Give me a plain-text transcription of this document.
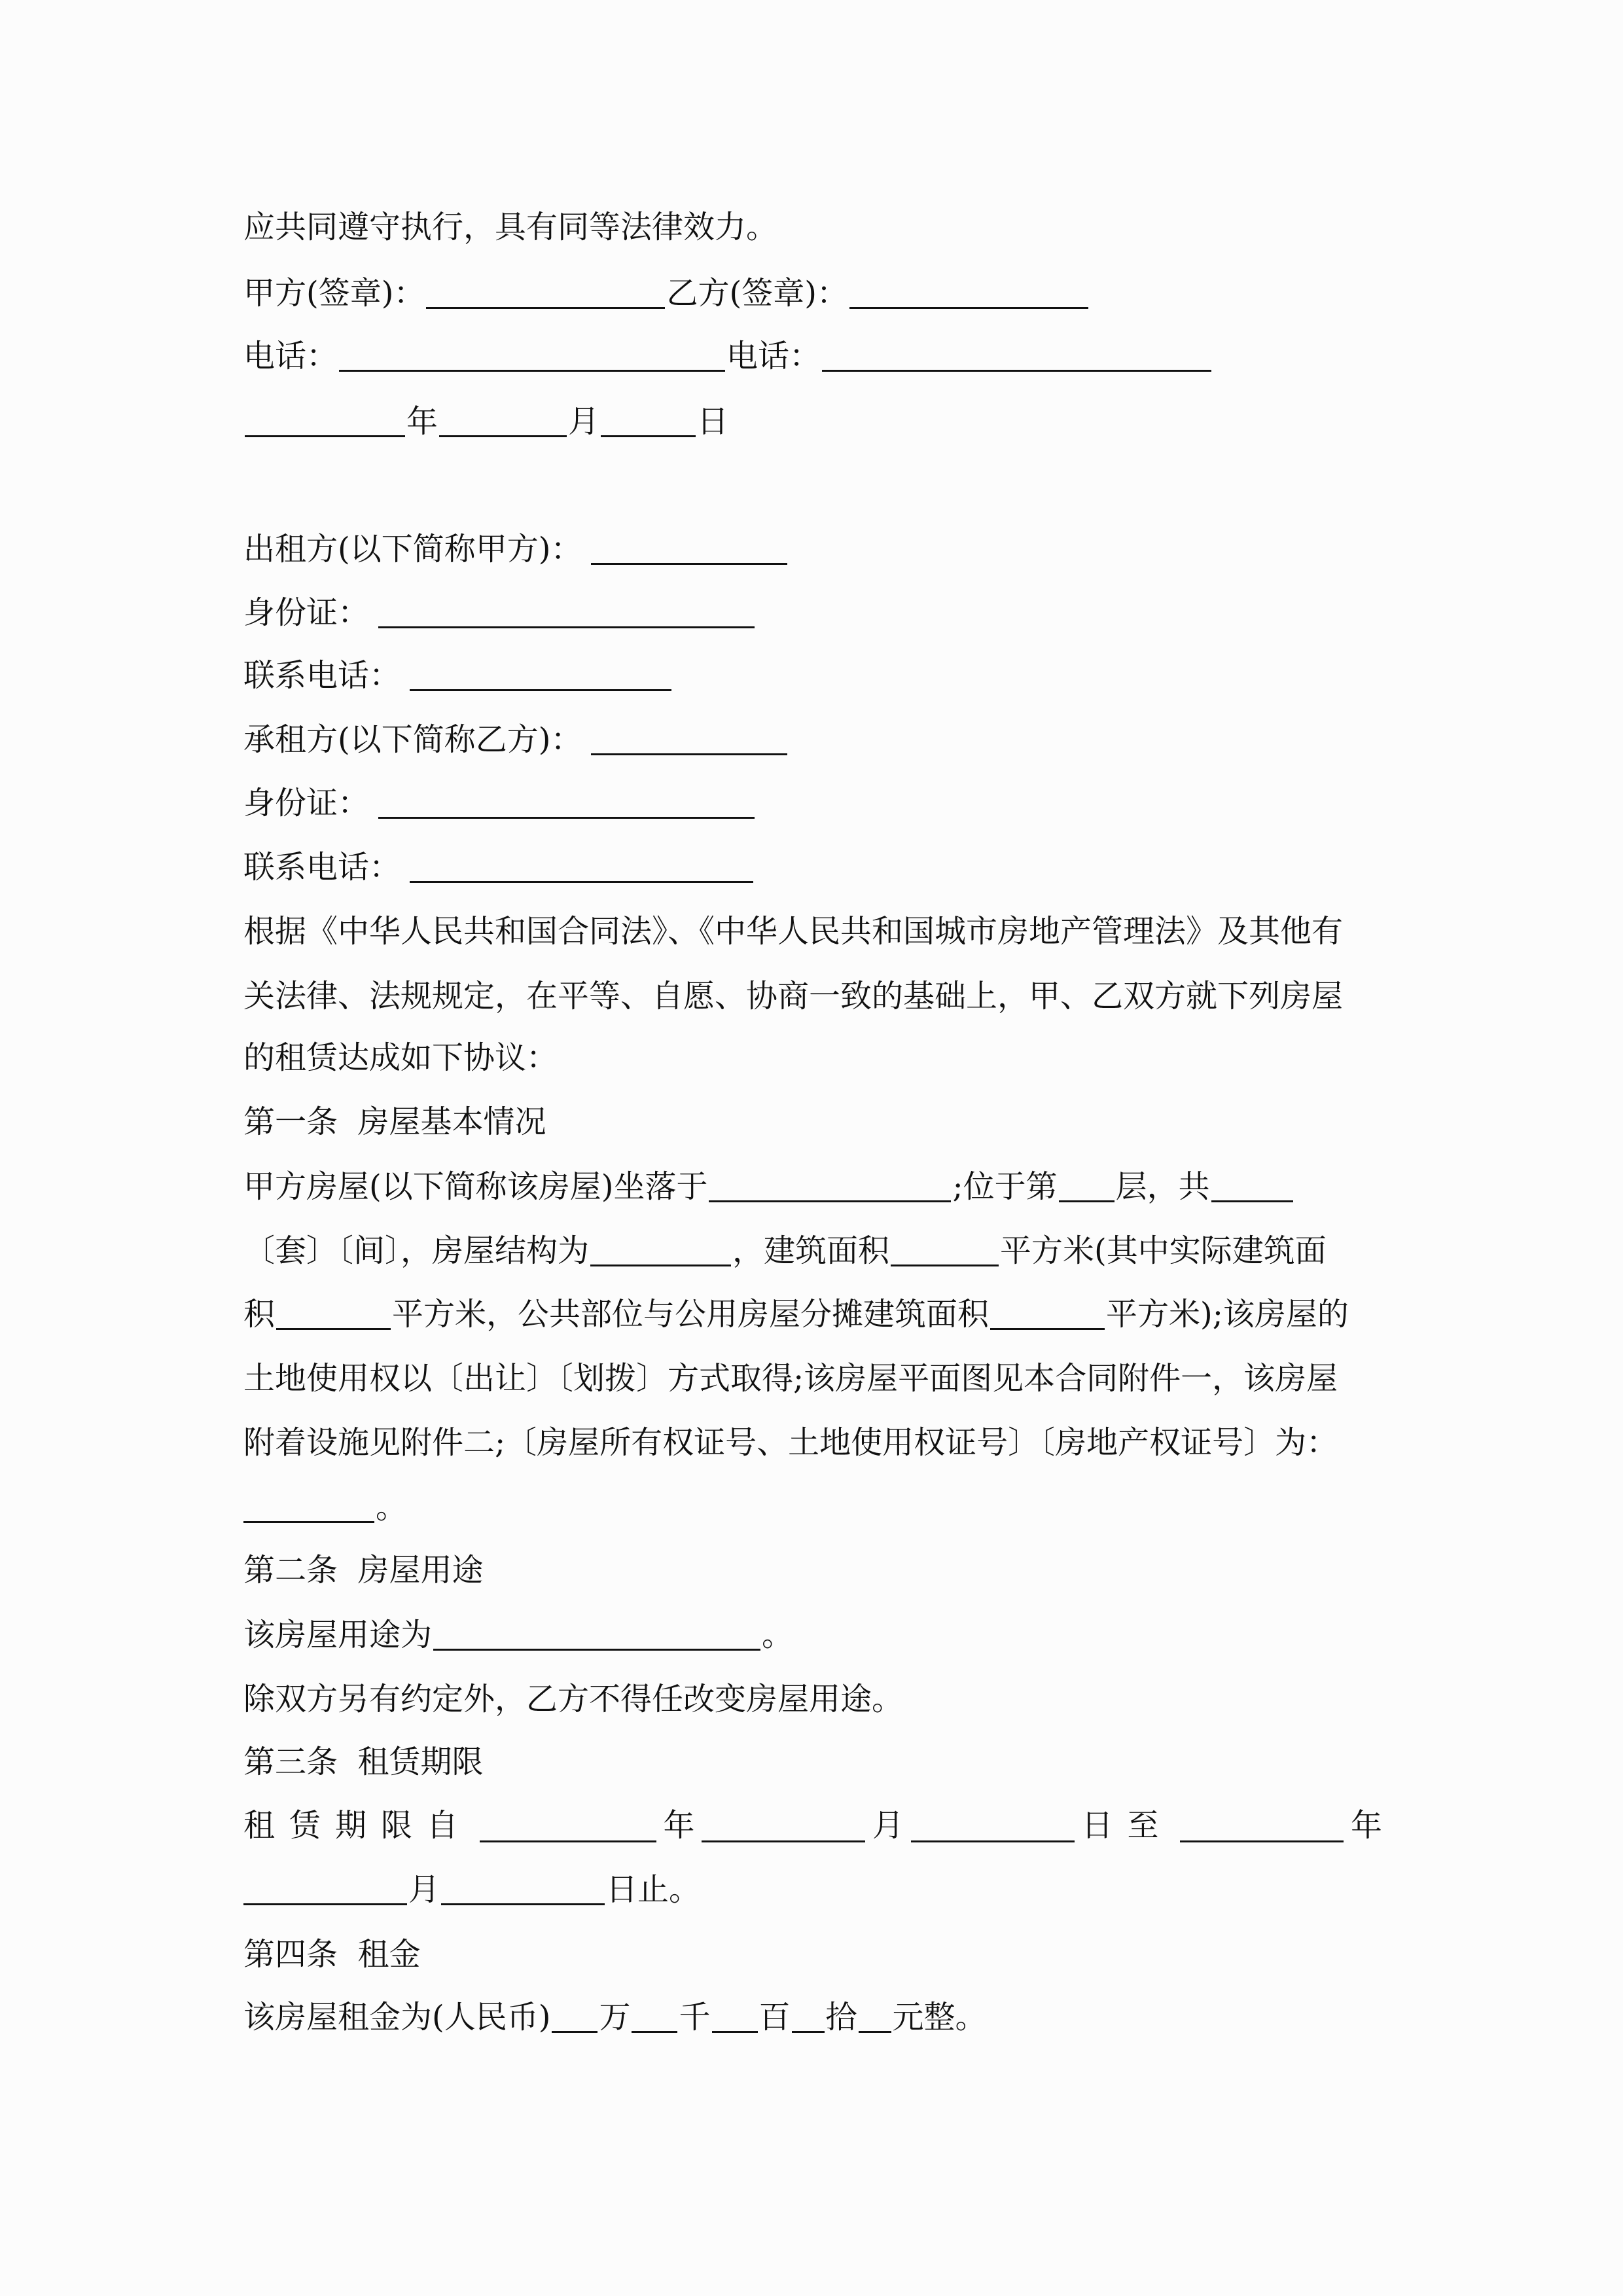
应共同遵守执行，具有同等法律效力。
甲方(签章)：	乙方(签章)：
电话：	电话：
年	月	日
出租方(以下简称甲方)：
身份证：
联系电话：
承租方(以下简称乙方)：
身份证：
联系电话：
根据《中华人民共和国合同法》、《中华人民共和国城市房地产管理法》及其他有
关法律、法规规定，在平等、自愿、协商一致的基础上，甲、乙双方就下列房屋
的租赁达成如下协议：
第一条  房屋基本情况
甲方房屋(以下简称该房屋)坐落于	;位于第 层，共
〔套〕〔间〕，房屋结构为	，建筑面积	平方米(其中实际建筑面
积	平方米，公共部位与公用房屋分摊建筑面积	平方米);该房屋的
土地使用权以〔出让〕〔划拨〕方式取得;该房屋平面图见本合同附件一，该房屋
附着设施见附件二;〔房屋所有权证号、土地使用权证号〕〔房地产权证号〕为：
。
第二条  房屋用途
该房屋用途为	。
除双方另有约定外，乙方不得任改变房屋用途。
第三条  租赁期限
租赁期限自	年	月	日至	年
月	日止。
第四条  租金
该房屋租金为(人民币) 万 千 百 拾 元整。
